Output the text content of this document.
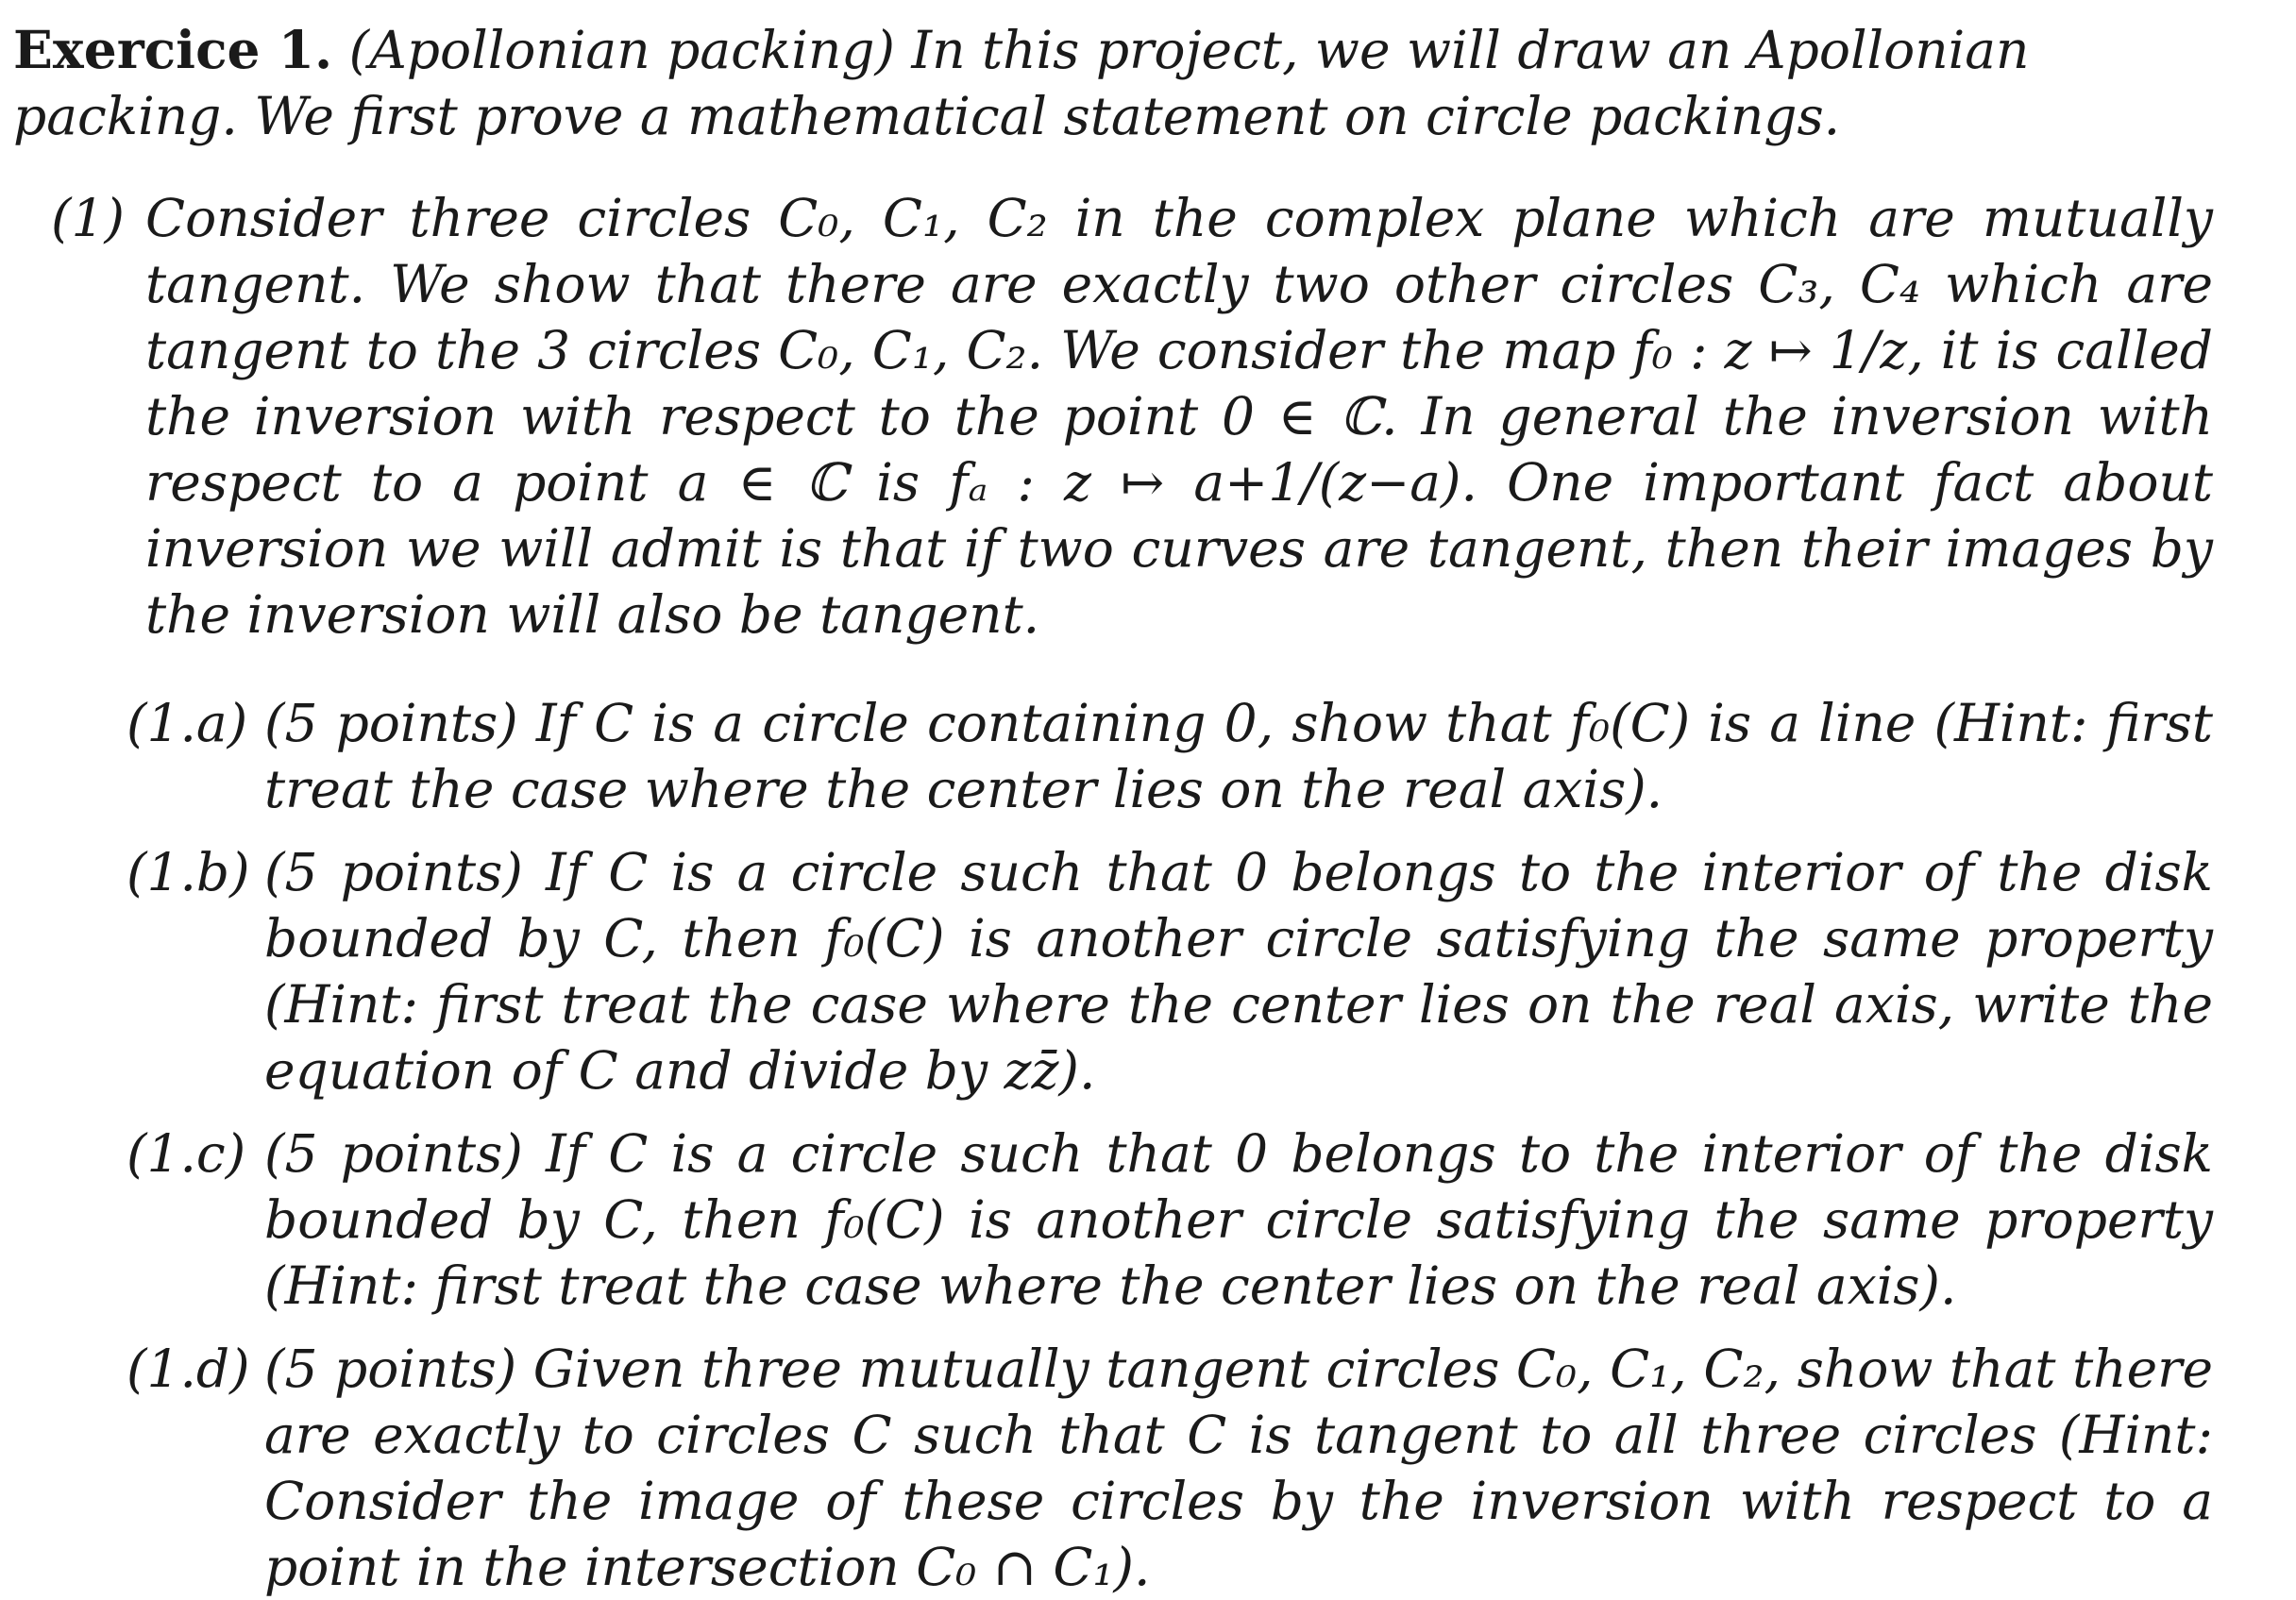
Exercice 1. (Apollonian packing) In this project, we will draw an Apollonian packing. We first prove a mathematical statement on circle packings.

(1) Consider three circles C₀, C₁, C₂ in the complex plane which are mutually tangent. We show that there are exactly two other circles C₃, C₄ which are tangent to the 3 circles C₀, C₁, C₂. We consider the map f₀ : z ↦ 1/z, it is called the inversion with respect to the point 0 ∈ ℂ. In general the inversion with respect to a point a ∈ ℂ is fₐ : z ↦ a+1/(z−a). One important fact about inversion we will admit is that if two curves are tangent, then their images by the inversion will also be tangent.
(1.a) (5 points) If C is a circle containing 0, show that f₀(C) is a line (Hint: first treat the case where the center lies on the real axis).
(1.b) (5 points) If C is a circle such that 0 belongs to the interior of the disk bounded by C, then f₀(C) is another circle satisfying the same property (Hint: first treat the case where the center lies on the real axis, write the equation of C and divide by zz̄).
(1.c) (5 points) If C is a circle such that 0 belongs to the interior of the disk bounded by C, then f₀(C) is another circle satisfying the same property (Hint: first treat the case where the center lies on the real axis).
(1.d) (5 points) Given three mutually tangent circles C₀, C₁, C₂, show that there are exactly to circles C such that C is tangent to all three circles (Hint: Consider the image of these circles by the inversion with respect to a point in the intersection C₀ ∩ C₁).
